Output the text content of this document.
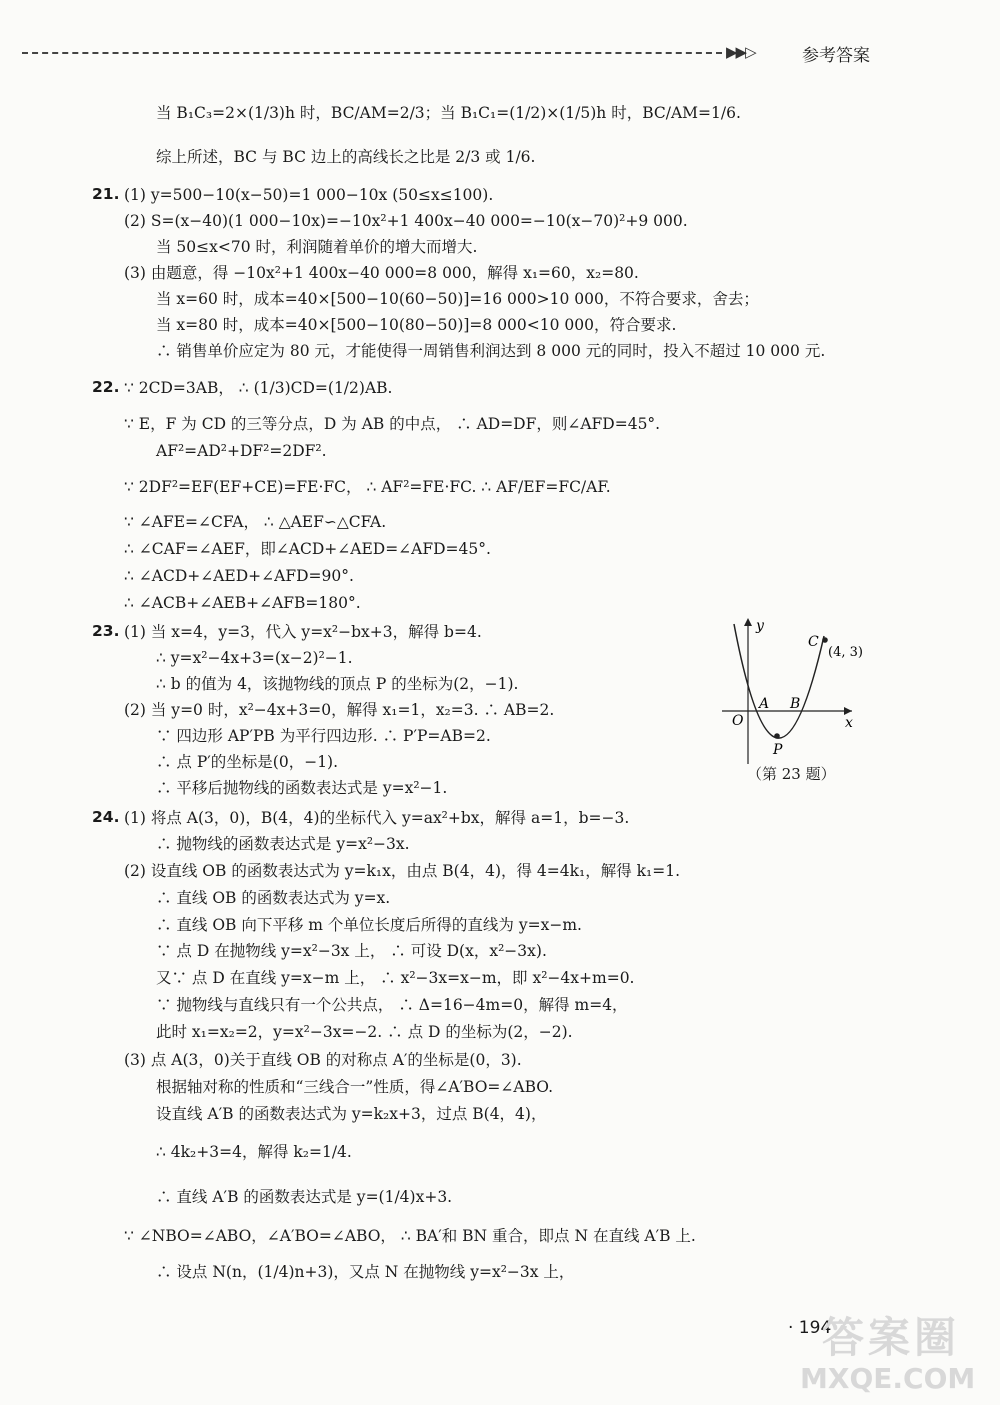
▶▶▷	参考答案
21.
22.
23.
24.
当 B₁C₃=2×(1/3)h 时，BC/AM=2/3；当 B₁C₁=(1/2)×(1/5)h 时，BC/AM=1/6.
综上所述，BC 与 BC 边上的高线长之比是 2/3 或 1/6.
(1) y=500−10(x−50)=1 000−10x (50≤x≤100).
(2) S=(x−40)(1 000−10x)=−10x²+1 400x−40 000=−10(x−70)²+9 000.
当 50≤x<70 时，利润随着单价的增大而增大.
(3) 由题意，得 −10x²+1 400x−40 000=8 000，解得 x₁=60，x₂=80.
当 x=60 时，成本=40×[500−10(60−50)]=16 000>10 000，不符合要求，舍去；
当 x=80 时，成本=40×[500−10(80−50)]=8 000<10 000，符合要求.
∴ 销售单价应定为 80 元，才能使得一周销售利润达到 8 000 元的同时，投入不超过 10 000 元.
∵ 2CD=3AB， ∴ (1/3)CD=(1/2)AB.
∵ E，F 为 CD 的三等分点，D 为 AB 的中点， ∴ AD=DF，则∠AFD=45°.
AF²=AD²+DF²=2DF².
∵ 2DF²=EF(EF+CE)=FE·FC， ∴ AF²=FE·FC. ∴ AF/EF=FC/AF.
∵ ∠AFE=∠CFA， ∴ △AEF∽△CFA.
∴ ∠CAF=∠AEF，即∠ACD+∠AED=∠AFD=45°.
∴ ∠ACD+∠AED+∠AFD=90°.
∴ ∠ACB+∠AEB+∠AFB=180°.
(1) 当 x=4，y=3，代入 y=x²−bx+3，解得 b=4.
∴ y=x²−4x+3=(x−2)²−1.
∴ b 的值为 4，该抛物线的顶点 P 的坐标为(2，−1).
(2) 当 y=0 时，x²−4x+3=0，解得 x₁=1，x₂=3. ∴ AB=2.
∵ 四边形 AP′PB 为平行四边形. ∴ P′P=AB=2.
∴ 点 P′的坐标是(0，−1).
∴ 平移后抛物线的函数表达式是 y=x²−1.
(1) 将点 A(3，0)，B(4，4)的坐标代入 y=ax²+bx，解得 a=1，b=−3.
∴ 抛物线的函数表达式是 y=x²−3x.
(2) 设直线 OB 的函数表达式为 y=k₁x，由点 B(4，4)，得 4=4k₁，解得 k₁=1.
∴ 直线 OB 的函数表达式为 y=x.
∴ 直线 OB 向下平移 m 个单位长度后所得的直线为 y=x−m.
∵ 点 D 在抛物线 y=x²−3x 上， ∴ 可设 D(x，x²−3x).
又∵ 点 D 在直线 y=x−m 上， ∴ x²−3x=x−m，即 x²−4x+m=0.
∵ 抛物线与直线只有一个公共点， ∴ Δ=16−4m=0，解得 m=4，
此时 x₁=x₂=2，y=x²−3x=−2. ∴ 点 D 的坐标为(2，−2).
(3) 点 A(3，0)关于直线 OB 的对称点 A′的坐标是(0，3).
根据轴对称的性质和“三线合一”性质，得∠A′BO=∠ABO.
设直线 A′B 的函数表达式为 y=k₂x+3，过点 B(4，4)，
∴ 4k₂+3=4，解得 k₂=1/4.
∴ 直线 A′B 的函数表达式是 y=(1/4)x+3.
∵ ∠NBO=∠ABO，∠A′BO=∠ABO， ∴ BA′和 BN 重合，即点 N 在直线 A′B 上.
∴ 设点 N(n，(1/4)n+3)，又点 N 在抛物线 y=x²−3x 上，
y
x
O
A B
P
C
(4, 3)
（第 23 题）
· 194
答案圈
MXQE.COM
